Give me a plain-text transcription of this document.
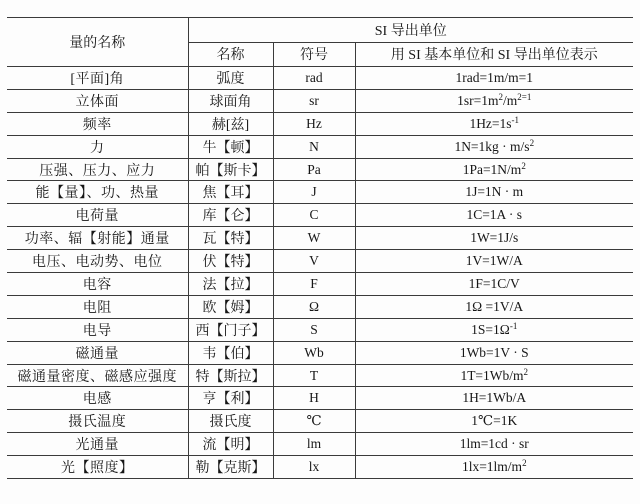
量的名称	SI 导出单位		
	名称	符号	用 SI 基本单位和 SI 导出单位表示
[平面]角	弧度	rad	1rad=1m/m=1
立体面	球面角	sr	$1sr=1m^2/m^{2=1}$
频率	赫[兹]	Hz	$1Hz=1s^{-1}$
力	牛【顿】	N	$1N=1kg \cdot m/s^2$
压强、压力、应力	帕【斯卡】	Pa	$1Pa=1N/m^2$
能【量】、功、热量	焦【耳】	J	1J=1N · m
电荷量	库【仑】	C	1C=1A · s
功率、辐【射能】通量	瓦【特】	W	1W=1J/s
电压、电动势、电位	伏【特】	V	1V=1W/A
电容	法【拉】	F	1F=1C/V
电阻	欧【姆】	Ω	1Ω =1V/A
电导	西【门子】	S	$1S=1\Omega^{-1}$
磁通量	韦【伯】	Wb	1Wb=1V · S
磁通量密度、磁感应强度	特【斯拉】	T	$1T=1Wb/m^2$
电感	亨【利】	H	1H=1Wb/A
摄氏温度	摄氏度	℃	1℃=1K
光通量	流【明】	lm	1lm=1cd · sr
光【照度】	勒【克斯】	lx	$1lx=1lm/m^2$
